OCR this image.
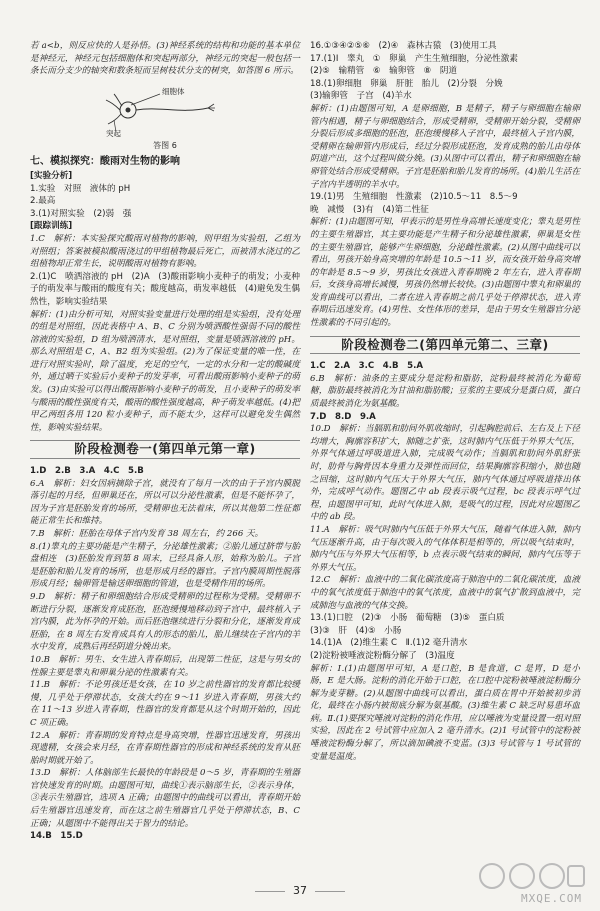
若 a<b，则反应快的人是孙悟。(3)神经系统的结构和功能的基本单位是神经元，神经元包括细胞体和突起两部分，神经元的突起一般包括一条长而分支少的轴突和数条短而呈树枝状分支的树突，如答图 6 所示。

细胞体
突起

答图 6

七、模拟探究：酸雨对生物的影响

[实验分析]

1.实验　对照　液体的 pH

2.最高

3.(1)对照实验　(2)弱　强

[跟踪训练]

1.C　解析：本实验探究酸雨对植物的影响，则甲组为实验组，乙组为对照组；答案被模拟酸雨浇过的甲组植物最后死亡，而被清水浇过的乙组植物却正常生长，说明酸雨对植物有影响。

2.(1)C　喷洒溶液的 pH　(2)A　(3)酸雨影响小麦种子的萌发；小麦种子的萌发率与酸雨的酸度有关；酸度越高，萌发率越低　(4)避免发生偶然性，影响实验结果

解析：(1)由分析可知，对照实验变量进行处理的组是实验组，没有处理的组是对照组，因此表格中 A、B、C 分别为喷洒酸性强弱不同的酸性溶液的实验组，D 组为喷洒清水，是对照组，变量是喷洒溶液的 pH。那么对照组是 C，A、B2 组为实验组。(2)为了保证变量的唯一性，在进行对照实验时，除了温度，充足的空气，一定的水分和一定的酸碱度外，通过晒干实验后小麦种子的发芽率，可看出酸雨影响小麦种子的萌发。(3)由实验可以得出酸雨影响小麦种子的萌发，且小麦种子的萌发率与酸雨的酸性强度有关，酸雨的酸性强度越高，种子萌发率越低。(4)把甲乙两组各用 120 粒小麦种子，而不能太少，这样可以避免发生偶然性，影响实验结果。

阶段检测卷一(第四单元第一章)

1.D　2.B　3.A　4.C　5.B

6.A　解析：妇女因病摘除子宫，就没有了每月一次的由于子宫内膜脱落引起的月经，但卵巢还在，所以可以分泌性激素，但是不能怀孕了，因为子宫是胚胎发育的场所，受精卵也无法着床，所以其他第二性征都能正常生长和维持。

7.B　解析：胚胎在母体子宫内发育 38 周左右，约 266 天。

8.(1)睾丸的主要功能是产生精子，分泌雄性激素；②胎儿通过脐带与胎盘相连　(3)胚胎发育到第 8 周末，已经具备人形，始称为胎儿。子宫是胚胎和胎儿发育的场所，也是形成月经的器官。子宫内膜周期性脱落形成月经；输卵管是输送卵细胞的管道，也是受精作用的场所。

9.D　解析：精子和卵细胞结合形成受精卵的过程称为受精。受精卵不断进行分裂，逐渐发育成胚泡，胚泡缓慢地移动到子宫中，最终植入子宫内膜，此为怀孕的开始。而后胚泡继续进行分裂和分化，逐渐发育成胚胎，在 8 周左右发育成具有人的形态的胎儿，胎儿继续在子宫内的羊水中发育，成熟后再经阴道分娩出来。

10.B　解析：男生、女生进入青春期后，出现第二性征，这是与男女的性腺主要是睾丸和卵巢分泌的性激素有关。

11.B　解析：不论男孩还是女孩，在 10 岁之前性器官的发育都比较缓慢，几乎处于停滞状态，女孩大约在 9～11 岁进入青春期，男孩大约在 11～13 岁进入青春期，性器官的发育都是从这个时期开始的，因此 C 项正确。

12.A　解析：青春期的发育特点是身高突增，性器官迅速发育，男孩出现遗精，女孩会来月经，在青春期性器官的形成和神经系统的发育从胚胎时期就开始了。

13.D　解析：人体脑部生长最快的年龄段是 0～5 岁，青春期的生殖器官快速发育的时期。由题图可知，曲线①表示脑部生长，②表示身体，③表示生殖器官，选项 A 正确；由题图中的曲线可以看出，青春期开始后生殖器官迅速发育，而在这之前生殖器官几乎处于停滞状态，B、C 正确；从题图中不能得出关于智力的结论。

14.B　15.D

16.①③④②⑤⑥　(2)④　森林古猿　(3)使用工具

17.(1)Ⅰ　睾丸　①　卵巢　产生生殖细胞，分泌性激素

(2)⑤　输精管　⑥　输卵管　⑧　阴道

18.(1)卵细胞　卵巢　肝脏　胎儿　(2)分裂　分娩

(3)输卵管　子宫　(4)羊水

解析：(1)由题图可知，A 是卵细胞，B 是精子，精子与卵细胞在输卵管内相遇，精子与卵细胞结合，形成受精卵，受精卵开始分裂，受精卵分裂后形成多细胞的胚泡，胚泡缓慢移入子宫中，最终植入子宫内膜，受精卵在输卵管内形成后，经过分裂形成胚泡，发育成熟的胎儿由母体阴道产出，这个过程叫做分娩。(3)从图中可以看出，精子和卵细胞在输卵管处结合形成受精卵。子宫是胚胎和胎儿发育的场所。(4)胎儿生活在子宫内半透明的羊水中。

19.(1)男　生殖细胞　性激素　(2)10.5～11　8.5～9

晚　减慢　(3)有　(4)第二性征

解析：(1)由题图可知，甲表示的是男性身高增长速度变化；睾丸是男性的主要生殖器官，其主要功能是产生精子和分泌雄性激素，卵巢是女性的主要生殖器官，能够产生卵细胞，分泌雌性激素。(2)从图中曲线可以看出，男孩开始身高突增的年龄是 10.5～11 岁，而女孩开始身高突增的年龄是 8.5～9 岁，男孩比女孩进入青春期晚 2 年左右，进入青春期后，女孩身高增长减慢，男孩仍然增长较快。(3)由题图中睾丸和卵巢的发育曲线可以看出，二者在进入青春期之前几乎处于停滞状态，进入青春期后迅速发育。(4)男性、女性体形的差异，是由于男女生殖器官分泌性激素的不同引起的。

阶段检测卷二(第四单元第二、三章)

1.C　2.A　3.C　4.B　5.A

6.B　解析：油条的主要成分是淀粉和脂肪，淀粉最终被消化为葡萄糖，脂肪最终被消化为甘油和脂肪酸；豆浆的主要成分是蛋白质，蛋白质最终被消化为氨基酸。

7.D　8.D　9.A

10.D　解析：当膈肌和肋间外肌收缩时，引起胸腔前后、左右及上下径均增大，胸廓容积扩大，肺随之扩张，这时肺内气压低于外界大气压，外界气体通过呼吸道进入肺，完成吸气动作；当膈肌和肋间外肌舒张时，肋骨与胸骨因本身重力及弹性而回位，结果胸廓容积缩小，肺也随之回缩，这时肺内气压大于外界大气压，肺内气体通过呼吸道排出体外，完成呼气动作。题图乙中 ab 段表示吸气过程，bc 段表示呼气过程，由题图甲可知，此时气体进入肺，是吸气的过程，因此对应题图乙中的 ab 段。

11.A　解析：吸气时肺内气压低于外界大气压，随着气体进入肺，肺内气压逐渐升高，由于每次吸入的气体体积是相等的，所以吸气结束时，肺内气压与外界大气压相等，b 点表示吸气结束的瞬间，肺内气压等于外界大气压。

12.C　解析：血液中的二氧化碳浓度高于肺泡中的二氧化碳浓度，血液中的氧气浓度低于肺泡中的氧气浓度，血液中的氧气扩散到血液中，完成肺泡与血液的气体交换。

13.(1)口腔　(2)③　小肠　葡萄糖　(3)⑤　蛋白质

(3)③　肝　(4)⑤　小肠

14.(1)A　(2)维生素 C　Ⅱ.(1)2 毫升清水

(2)淀粉被唾液淀粉酶分解了　(3)温度

解析：Ⅰ.(1)由题图甲可知，A 是口腔，B 是食道，C 是胃，D 是小肠，E 是大肠。淀粉的消化开始于口腔，在口腔中淀粉被唾液淀粉酶分解为麦芽糖。(2)从题图中曲线可以看出，蛋白质在胃中开始被初步消化，最终在小肠内被彻底分解为氨基酸。(3)维生素 C 缺乏时易患坏血病。Ⅱ.(1)要探究唾液对淀粉的消化作用，应以唾液为变量设置一组对照实验，因此在 2 号试管中应加入 2 毫升清水。(2)1 号试管中的淀粉被唾液淀粉酶分解了，所以滴加碘液不变蓝。(3)3 号试管与 1 号试管的变量是温度。

37
MXQE.COM
